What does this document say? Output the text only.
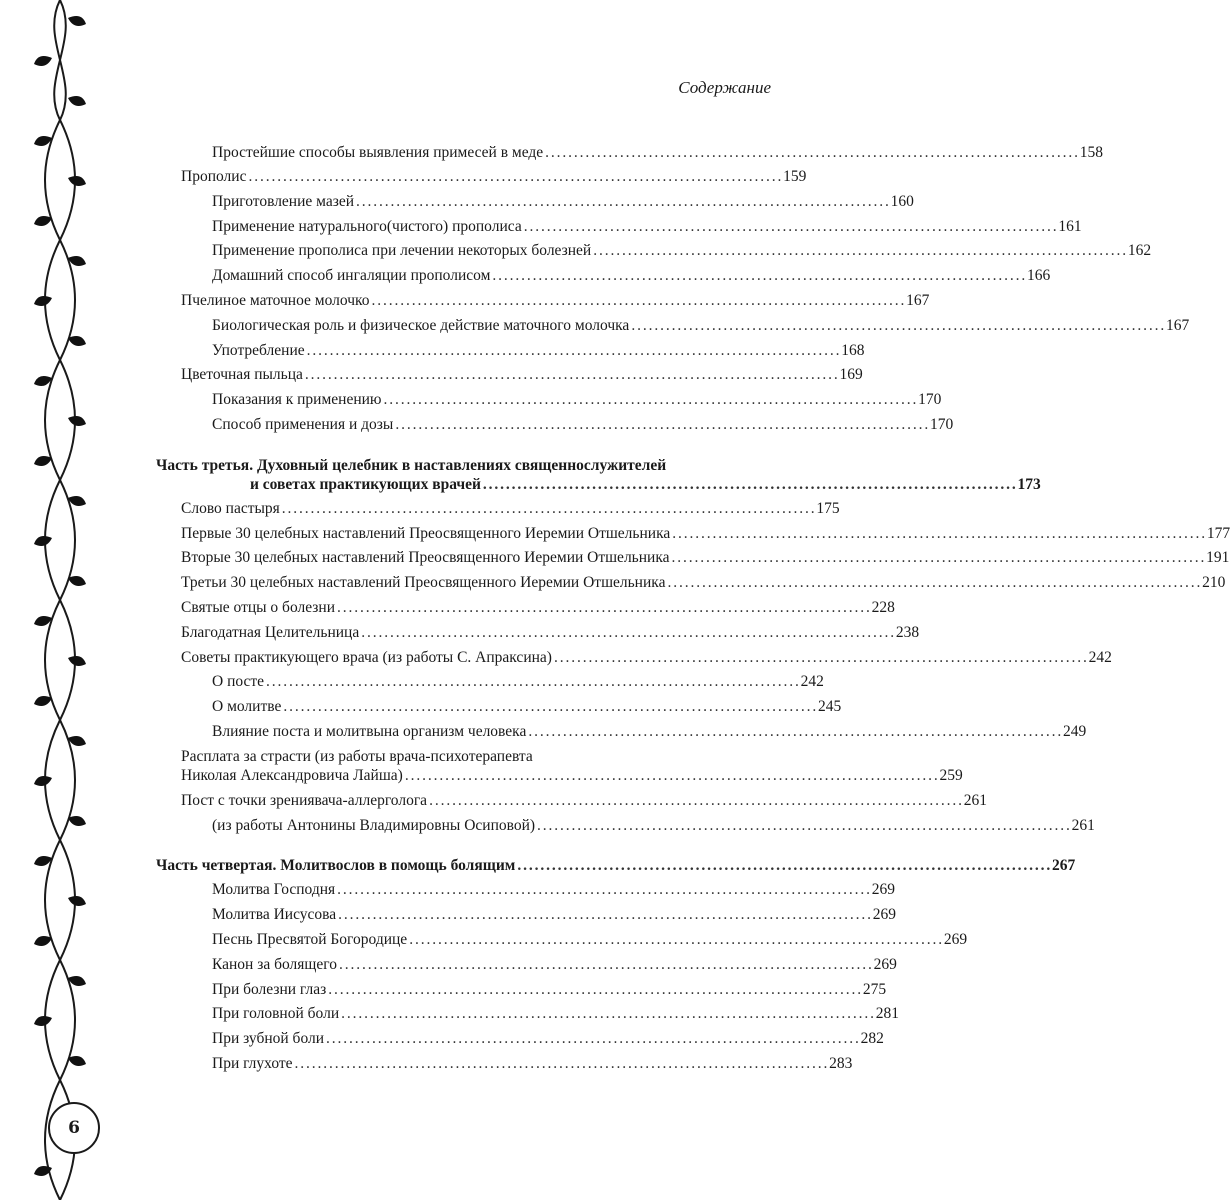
6
Содержание
Простейшие способы выявления примесей в меде . . .	158
Прополис . . .	159
Приготовление мазей . . .	160
Применение натурального(чистого) прополиса . . .	161
Применение прополиса при лечении некоторых болезней . . .	162
Домашний способ ингаляции прополисом . . .	166
Пчелиное маточное молочко . . .	167
Биологическая роль и физическое действие маточного молочка . . .	167
Употребление . . .	168
Цветочная пыльца . . .	169
Показания к применению . . .	170
Способ применения и дозы . . .	170
Часть третья. Духовный целебник в наставлениях священнослужителей
и советах практикующих врачей . . .	173
Слово пастыря . . .	175
Первые 30 целебных наставлений Преосвященного Иеремии Отшельника . . .	177
Вторые 30 целебных наставлений Преосвященного Иеремии Отшельника . . .	191
Третьи 30 целебных наставлений Преосвященного Иеремии Отшельника . . .	210
Святые отцы о болезни . . .	228
Благодатная Целительница . . .	238
Советы практикующего врача (из работы С. Апраксина) . . .	242
О посте . . .	242
О молитве . . .	245
Влияние поста и молитвына организм человека . . .	249
Расплата за страсти (из работы врача-психотерапевта
Николая Александровича Лайша) . . .	259
Пост с точки зрениявача-аллерголога . . .	261
(из работы Антонины Владимировны Осиповой) . . .	261
Часть четвертая. Молитвослов в помощь болящим . . .	267
Молитва Господня . . .	269
Молитва Иисусова . . .	269
Песнь Пресвятой Богородице . . .	269
Канон за болящего . . .	269
При болезни глаз . . .	275
При головной боли . . .	281
При зубной боли . . .	282
При глухоте . . .	283
